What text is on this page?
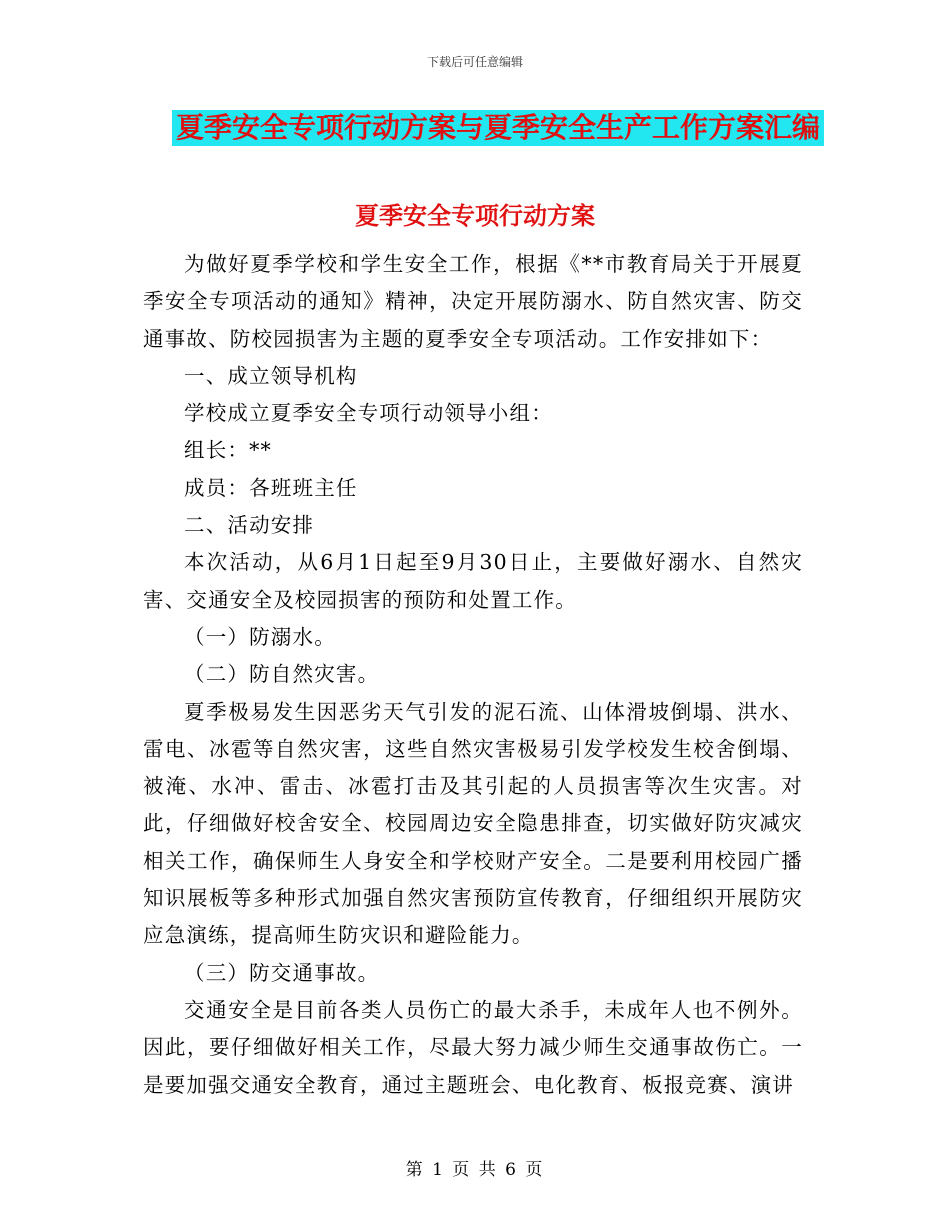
下载后可任意编辑
夏季安全专项行动方案与夏季安全生产工作方案汇编
夏季安全专项行动方案

为做好夏季学校和学生安全工作，根据《**市教育局关于开展夏季安全专项活动的通知》精神，决定开展防溺水、防自然灾害、防交通事故、防校园损害为主题的夏季安全专项活动。工作安排如下：

一、成立领导机构

学校成立夏季安全专项行动领导小组：

组长：**

成员：各班班主任

二、活动安排

本次活动，从6月1日起至9月30日止，主要做好溺水、自然灾害、交通安全及校园损害的预防和处置工作。

（一）防溺水。

（二）防自然灾害。

夏季极易发生因恶劣天气引发的泥石流、山体滑坡倒塌、洪水、雷电、冰雹等自然灾害，这些自然灾害极易引发学校发生校舍倒塌、被淹、水冲、雷击、冰雹打击及其引起的人员损害等次生灾害。对此，仔细做好校舍安全、校园周边安全隐患排查，切实做好防灾减灾相关工作，确保师生人身安全和学校财产安全。二是要利用校园广播知识展板等多种形式加强自然灾害预防宣传教育，仔细组织开展防灾应急演练，提高师生防灾识和避险能力。

（三）防交通事故。

交通安全是目前各类人员伤亡的最大杀手，未成年人也不例外。因此，要仔细做好相关工作，尽最大努力减少师生交通事故伤亡。一是要加强交通安全教育，通过主题班会、电化教育、板报竞赛、演讲

第 1 页 共 6 页
